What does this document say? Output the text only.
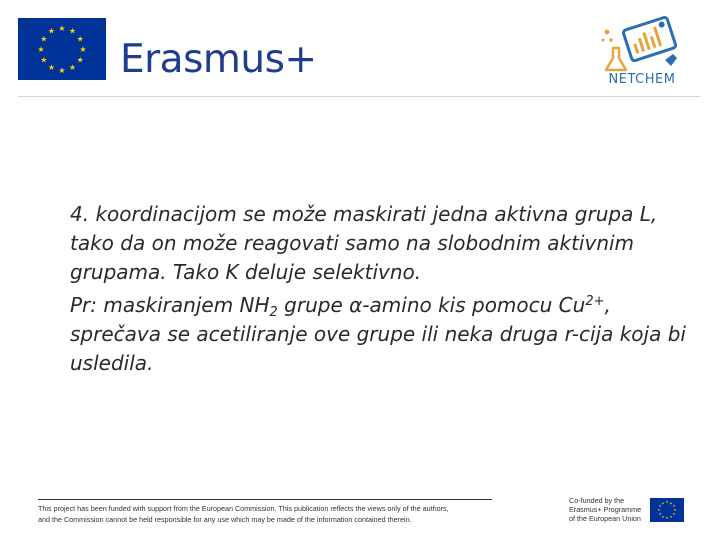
★ ★
★
★
★
★
★
★
★
★
★
★
Erasmus+	NETCHEM

4. koordinacijom se može maskirati jedna aktivna grupa L, tako da on može reagovati samo na slobodnim aktivnim grupama. Tako K deluje selektivno.

Pr: maskiranjem $NH_2$ grupe α-amino kis pomocu $Cu^{2+}$, sprečava se acetiliranje ove grupe ili neka druga r-cija koja bi usledila.

This project has been funded with support from the European Commission. This publication reflects the views only of the authors,
and the Commission cannot be held responsible for any use which may be made of the information contained therein.
Co-funded by the
Erasmus+ Programme
of the European Union
★ ★
★
★
★
★
★
★
★
★
★
★
